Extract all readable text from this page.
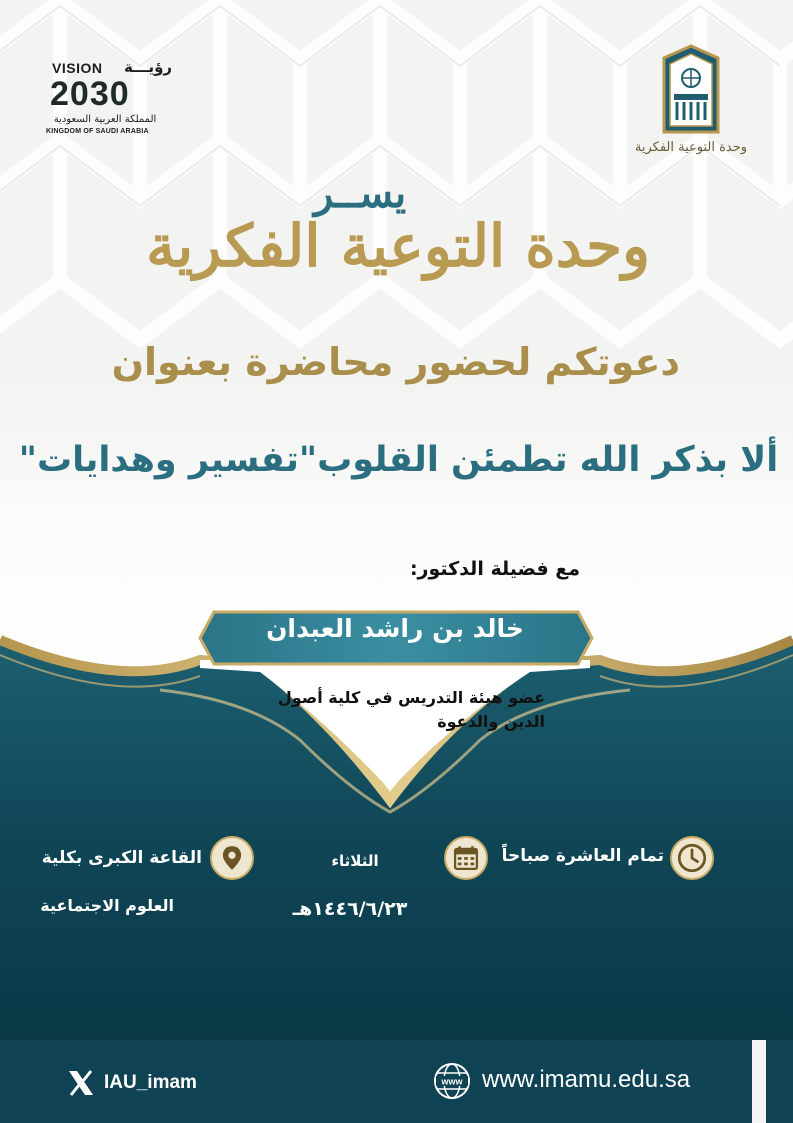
VISION رؤيـــة
2030
المملكة العربية السعودية
KINGDOM OF SAUDI ARABIA
وحدة التوعية الفكرية
يســر
وحدة التوعية الفكرية
دعوتكم لحضور محاضرة بعنوان
ألا بذكر الله تطمئن القلوب"تفسير وهدايات"
مع فضيلة الدكتور:
خالد بن راشد العبدان
عضو هيئة التدريس في كلية أصول الدين والدعوة
تمام العاشرة صباحاً
الثلاثاء
١٤٤٦/٦/٢٣هـ
القاعة الكبرى بكلية
العلوم الاجتماعية
IAU_imam	www www.imamu.edu.sa
